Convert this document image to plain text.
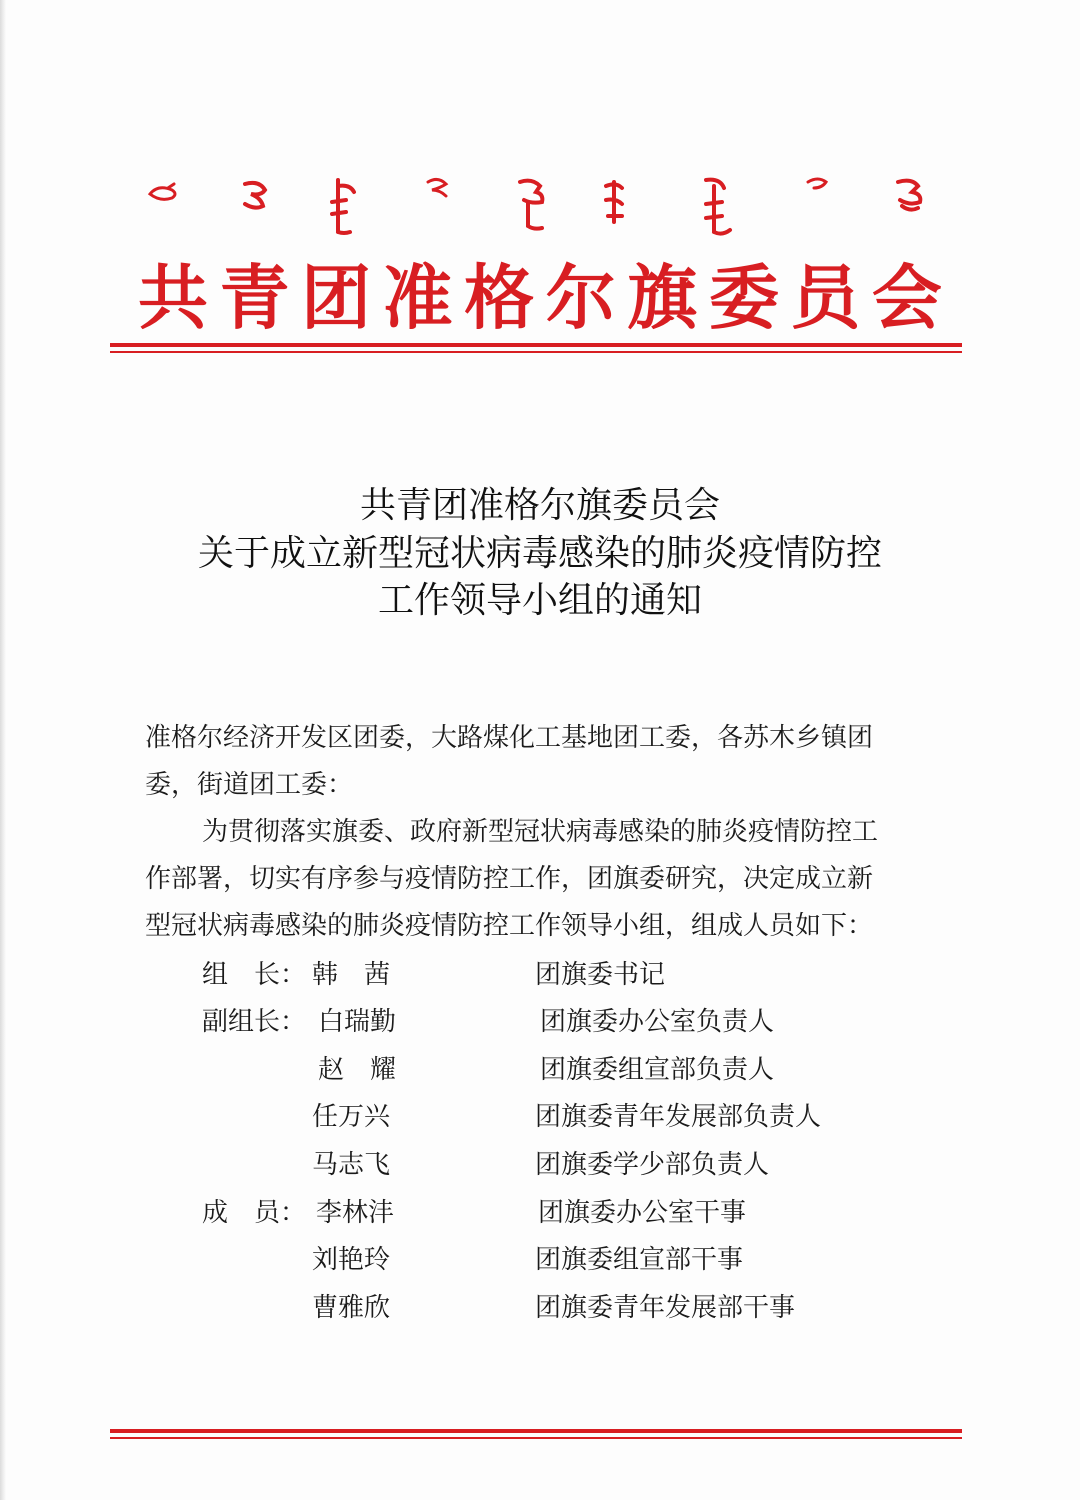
共 青 团 准 格 尔 旗 委 员 会
共青团准格尔旗委员会
关于成立新型冠状病毒感染的肺炎疫情防控
工作领导小组的通知
准格尔经济开发区团委，大路煤化工基地团工委，各苏木乡镇团
委，街道团工委：
为贯彻落实旗委、政府新型冠状病毒感染的肺炎疫情防控工
作部署，切实有序参与疫情防控工作，团旗委研究，决定成立新
型冠状病毒感染的肺炎疫情防控工作领导小组，组成人员如下：
组　长： 韩　茜	团旗委书记
副组长： 白瑞勤	团旗委办公室负责人
赵　耀	团旗委组宣部负责人
任万兴	团旗委青年发展部负责人
马志飞	团旗委学少部负责人
成　员： 李林沣	团旗委办公室干事
刘艳玲	团旗委组宣部干事
曹雅欣	团旗委青年发展部干事
